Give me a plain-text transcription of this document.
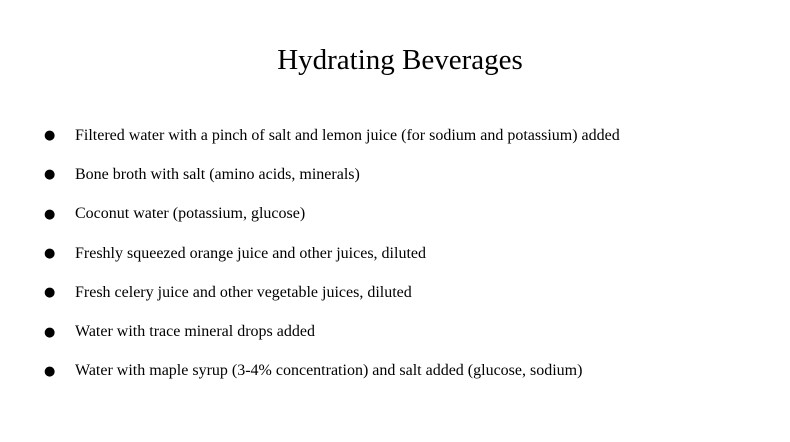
Hydrating Beverages
●	Filtered water with a pinch of salt and lemon juice (for sodium and potassium) added
●	Bone broth with salt (amino acids, minerals)
●	Coconut water (potassium, glucose)
●	Freshly squeezed orange juice and other juices, diluted
●	Fresh celery juice and other vegetable juices, diluted
●	Water with trace mineral drops added
●	Water with maple syrup (3-4% concentration) and salt added (glucose, sodium)
